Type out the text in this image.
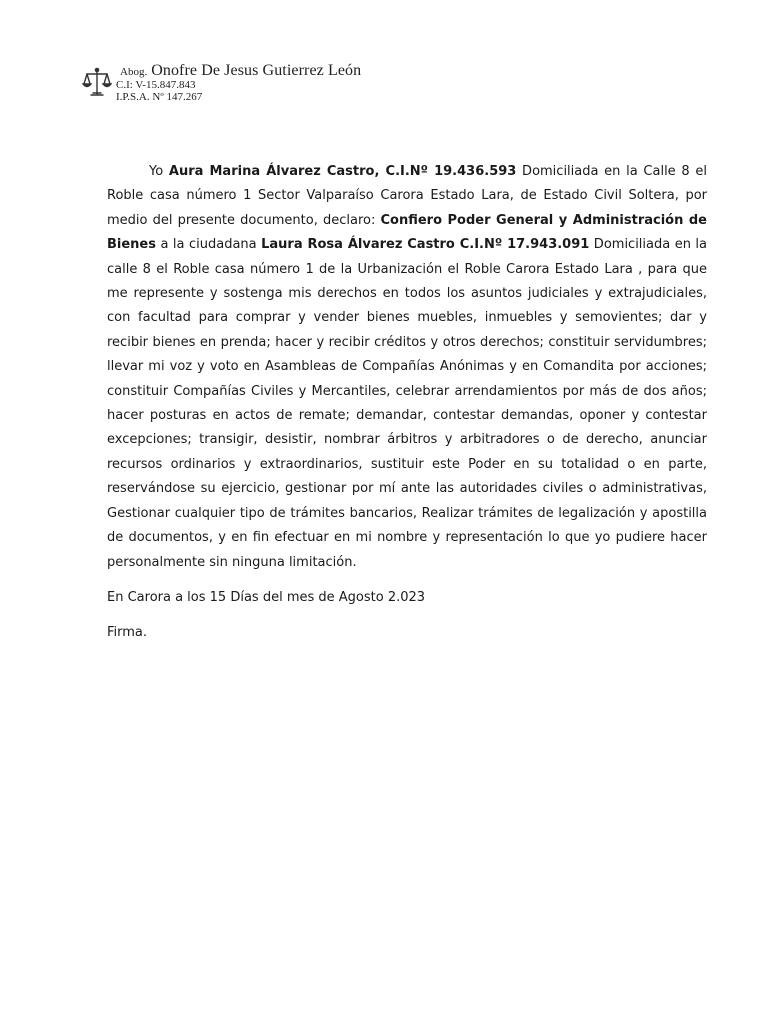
Abog. Onofre De Jesus Gutierrez León
C.I: V-15.847.843
I.P.S.A. Nº 147.267

Yo Aura Marina Álvarez Castro, C.I.Nº 19.436.593 Domiciliada en la Calle 8 el Roble casa número 1 Sector Valparaíso Carora Estado Lara, de Estado Civil Soltera, por medio del presente documento, declaro: Confiero Poder General y Administración de Bienes a la ciudadana Laura Rosa Álvarez Castro C.I.Nº 17.943.091 Domiciliada en la calle 8 el Roble casa número 1 de la Urbanización el Roble Carora Estado Lara , para que me represente y sostenga mis derechos en todos los asuntos judiciales y extrajudiciales, con facultad para comprar y vender bienes muebles, inmuebles y semovientes; dar y recibir bienes en prenda; hacer y recibir créditos y otros derechos; constituir servidumbres; llevar mi voz y voto en Asambleas de Compañías Anónimas y en Comandita por acciones; constituir Compañías Civiles y Mercantiles, celebrar arrendamientos por más de dos años; hacer posturas en actos de remate; demandar, contestar demandas, oponer y contestar excepciones; transigir, desistir, nombrar árbitros y arbitradores o de derecho, anunciar recursos ordinarios y extraordinarios, sustituir este Poder en su totalidad o en parte, reservándose su ejercicio, gestionar por mí ante las autoridades civiles o administrativas, Gestionar cualquier tipo de trámites bancarios, Realizar trámites de legalización y apostilla de documentos, y en fin efectuar en mi nombre y representación lo que yo pudiere hacer personalmente sin ninguna limitación.

En Carora a los 15 Días del mes de Agosto 2.023

Firma.
